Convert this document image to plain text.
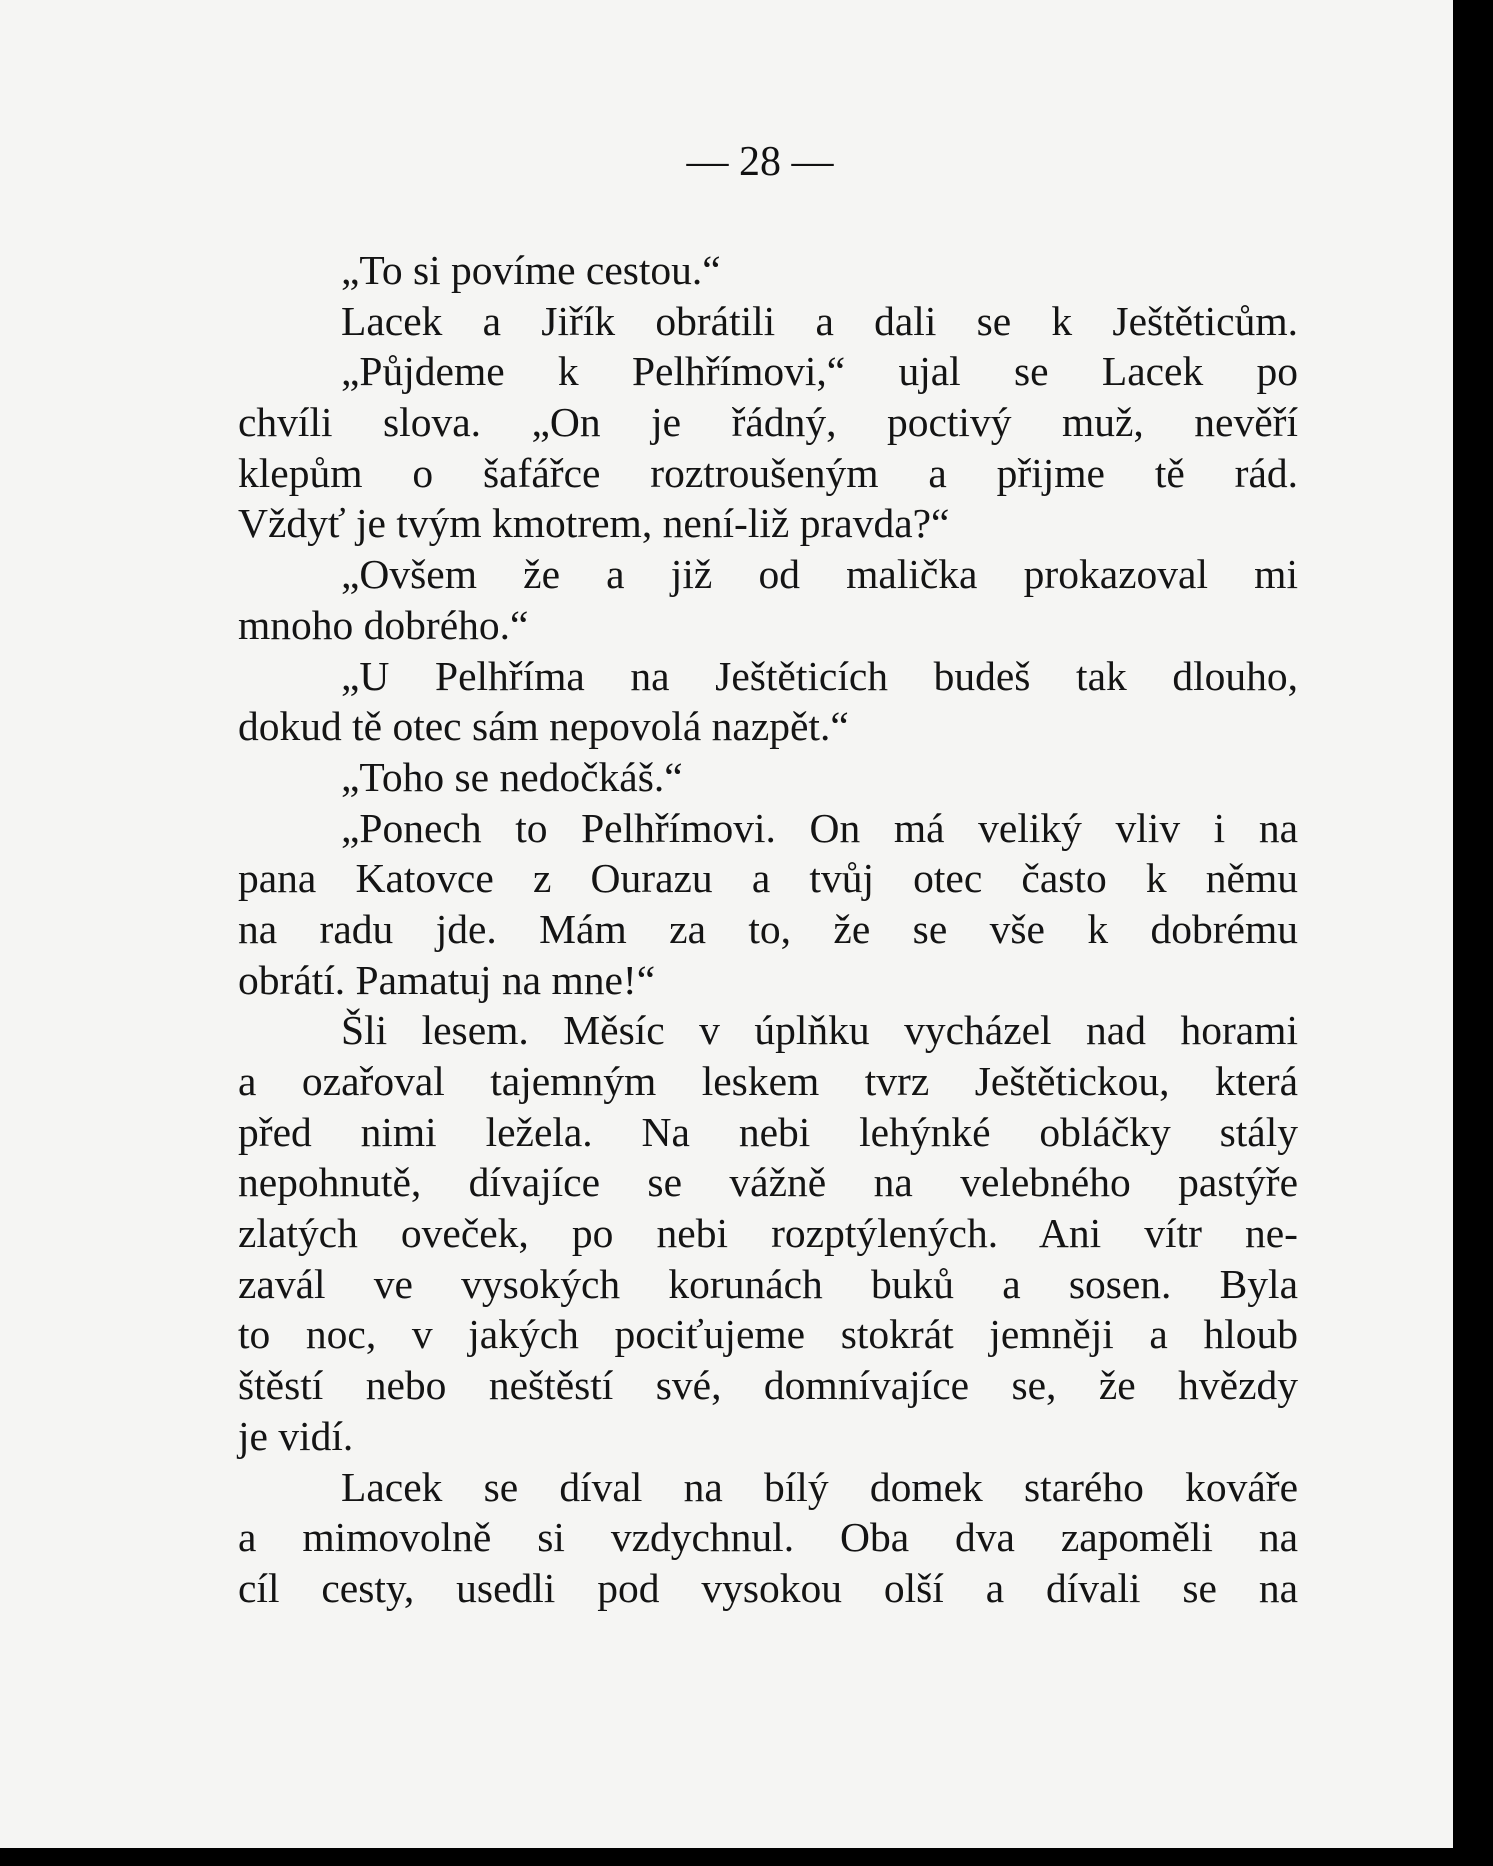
— 28 —
„To si povíme cestou.“
Lacek a Jiřík obrátili a dali se k Ještěticům.
„Půjdeme k Pelhřímovi,“ ujal se Lacek po
chvíli slova. „On je řádný, poctivý muž, nevěří
klepům o šafářce roztroušeným a přijme tě rád.
Vždyť je tvým kmotrem, není-liž pravda?“
„Ovšem že a již od malička prokazoval mi
mnoho dobrého.“
„U Pelhříma na Ještěticích budeš tak dlouho,
dokud tě otec sám nepovolá nazpět.“
„Toho se nedočkáš.“
„Ponech to Pelhřímovi. On má veliký vliv i na
pana Katovce z Ourazu a tvůj otec často k němu
na radu jde. Mám za to, že se vše k dobrému
obrátí. Pamatuj na mne!“
Šli lesem. Měsíc v úplňku vycházel nad horami
a ozařoval tajemným leskem tvrz Ještětickou, která
před nimi ležela. Na nebi lehýnké obláčky stály
nepohnutě, dívajíce se vážně na velebného pastýře
zlatých oveček, po nebi rozptýlených. Ani vítr ne-
zavál ve vysokých korunách buků a sosen. Byla
to noc, v jakých pociťujeme stokrát jemněji a hloub
štěstí nebo neštěstí své, domnívajíce se, že hvězdy
je vidí.
Lacek se díval na bílý domek starého kováře
a mimovolně si vzdychnul. Oba dva zapoměli na
cíl cesty, usedli pod vysokou olší a dívali se na
